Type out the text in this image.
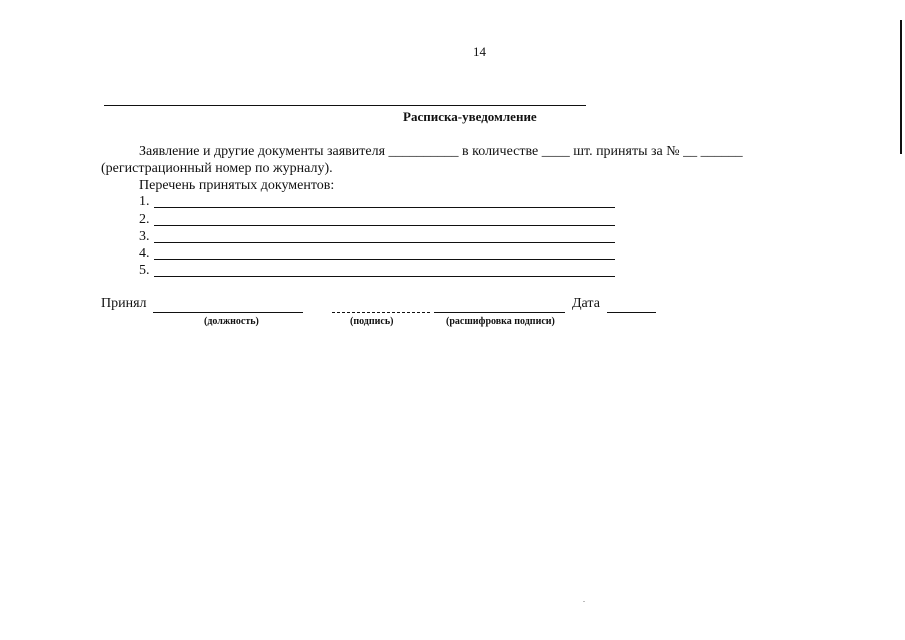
14
Расписка-уведомление
Заявление и другие документы заявителя __________ в количестве ____ шт. приняты за № __ ______
(регистрационный номер по журналу).
Перечень принятых документов:
1.
2.
3.
4.
5.
Принял	Дата
(должность)	(подпись)	(расшифровка подписи)
